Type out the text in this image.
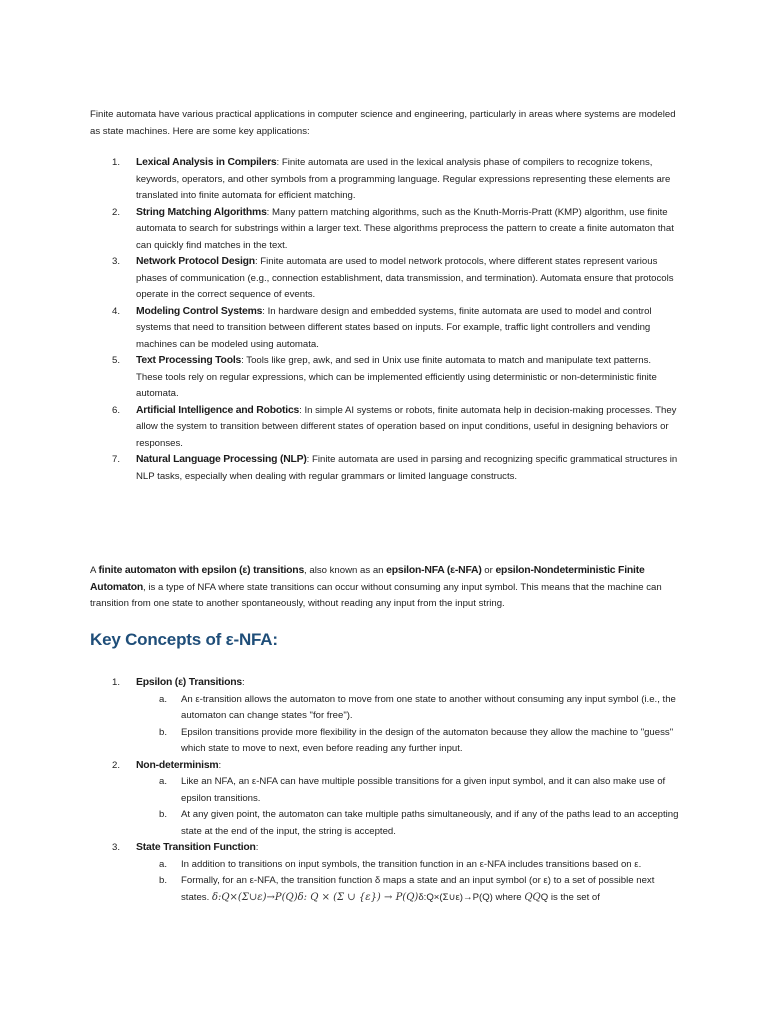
Finite automata have various practical applications in computer science and engineering, particularly in areas where systems are modeled as state machines. Here are some key applications:

1. Lexical Analysis in Compilers: Finite automata are used in the lexical analysis phase of compilers to recognize tokens, keywords, operators, and other symbols from a programming language. Regular expressions representing these elements are translated into finite automata for efficient matching.
2. String Matching Algorithms: Many pattern matching algorithms, such as the Knuth-Morris-Pratt (KMP) algorithm, use finite automata to search for substrings within a larger text. These algorithms preprocess the pattern to create a finite automaton that can quickly find matches in the text.
3. Network Protocol Design: Finite automata are used to model network protocols, where different states represent various phases of communication (e.g., connection establishment, data transmission, and termination). Automata ensure that protocols operate in the correct sequence of events.
4. Modeling Control Systems: In hardware design and embedded systems, finite automata are used to model and control systems that need to transition between different states based on inputs. For example, traffic light controllers and vending machines can be modeled using automata.
5. Text Processing Tools: Tools like grep, awk, and sed in Unix use finite automata to match and manipulate text patterns. These tools rely on regular expressions, which can be implemented efficiently using deterministic or non-deterministic finite automata.
6. Artificial Intelligence and Robotics: In simple AI systems or robots, finite automata help in decision-making processes. They allow the system to transition between different states of operation based on input conditions, useful in designing behaviors or responses.
7. Natural Language Processing (NLP): Finite automata are used in parsing and recognizing specific grammatical structures in NLP tasks, especially when dealing with regular grammars or limited language constructs.

A finite automaton with epsilon (ε) transitions, also known as an epsilon-NFA (ε-NFA) or epsilon-Nondeterministic Finite Automaton, is a type of NFA where state transitions can occur without consuming any input symbol. This means that the machine can transition from one state to another spontaneously, without reading any input from the input string.

Key Concepts of ε-NFA:
1. Epsilon (ε) Transitions:
a. An ε-transition allows the automaton to move from one state to another without consuming any input symbol (i.e., the automaton can change states "for free").
b. Epsilon transitions provide more flexibility in the design of the automaton because they allow the machine to "guess" which state to move to next, even before reading any further input.
2. Non-determinism:
a. Like an NFA, an ε-NFA can have multiple possible transitions for a given input symbol, and it can also make use of epsilon transitions.
b. At any given point, the automaton can take multiple paths simultaneously, and if any of the paths lead to an accepting state at the end of the input, the string is accepted.
3. State Transition Function:
a. In addition to transitions on input symbols, the transition function in an ε-NFA includes transitions based on ε.
b. Formally, for an ε-NFA, the transition function δ maps a state and an input symbol (or ε) to a set of possible next states. δ:Q×(Σ∪ε)→P(Q)δ: Q × (Σ ∪ {ε}) → P(Q)δ:Q×(Σ∪ε)→P(Q) where QQQ is the set of
